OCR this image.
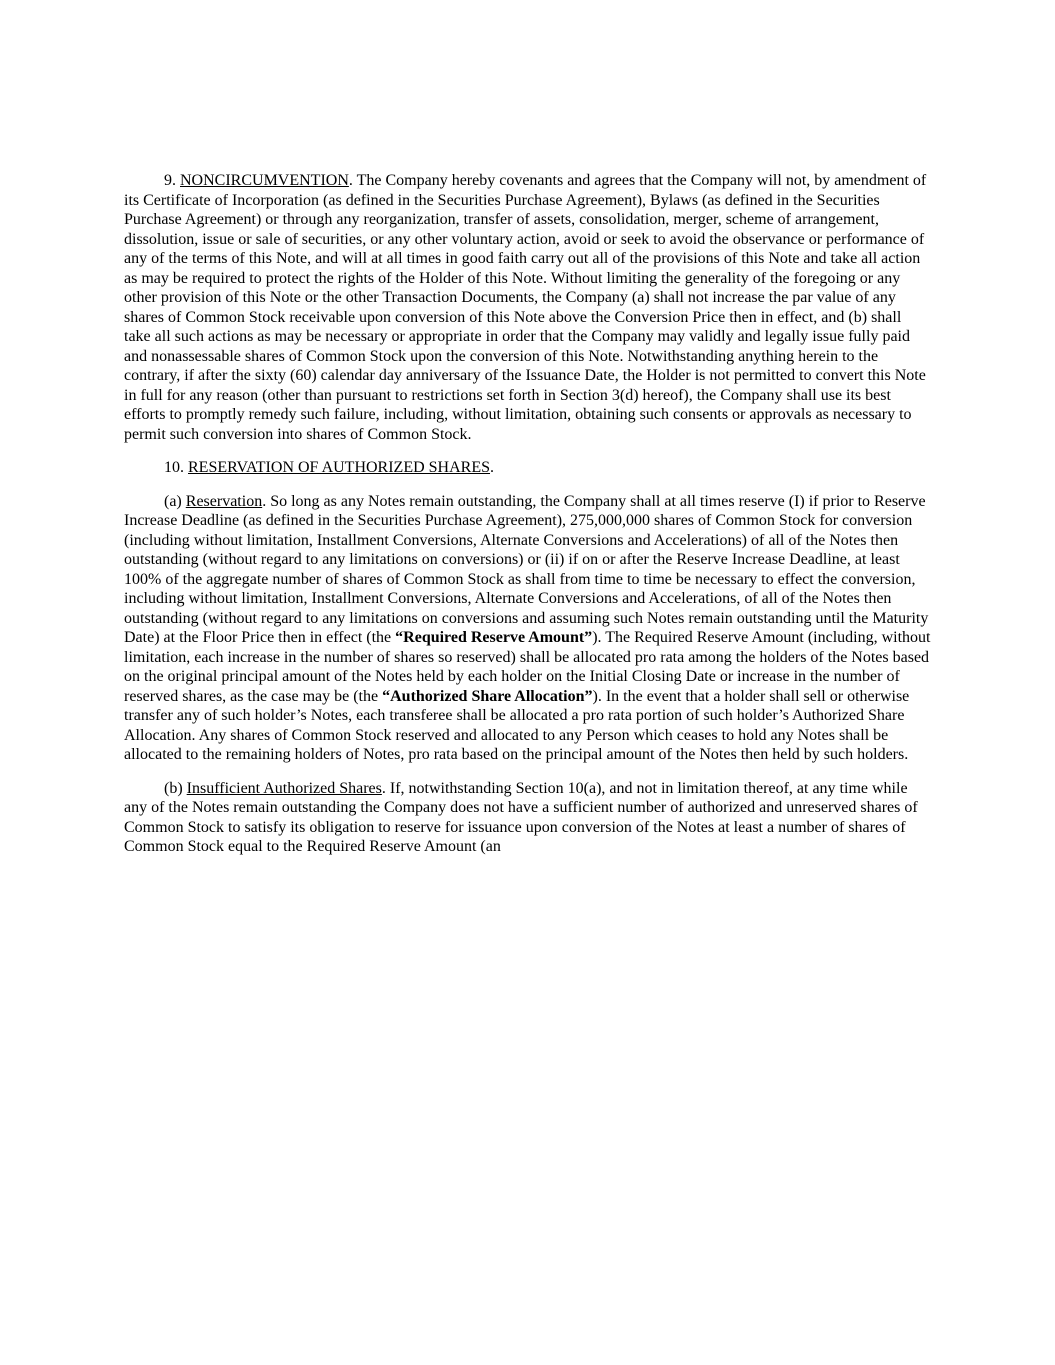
9. NONCIRCUMVENTION. The Company hereby covenants and agrees that the Company will not, by amendment of its Certificate of Incorporation (as defined in the Securities Purchase Agreement), Bylaws (as defined in the Securities Purchase Agreement) or through any reorganization, transfer of assets, consolidation, merger, scheme of arrangement, dissolution, issue or sale of securities, or any other voluntary action, avoid or seek to avoid the observance or performance of any of the terms of this Note, and will at all times in good faith carry out all of the provisions of this Note and take all action as may be required to protect the rights of the Holder of this Note. Without limiting the generality of the foregoing or any other provision of this Note or the other Transaction Documents, the Company (a) shall not increase the par value of any shares of Common Stock receivable upon conversion of this Note above the Conversion Price then in effect, and (b) shall take all such actions as may be necessary or appropriate in order that the Company may validly and legally issue fully paid and nonassessable shares of Common Stock upon the conversion of this Note. Notwithstanding anything herein to the contrary, if after the sixty (60) calendar day anniversary of the Issuance Date, the Holder is not permitted to convert this Note in full for any reason (other than pursuant to restrictions set forth in Section 3(d) hereof), the Company shall use its best efforts to promptly remedy such failure, including, without limitation, obtaining such consents or approvals as necessary to permit such conversion into shares of Common Stock.

10. RESERVATION OF AUTHORIZED SHARES.

(a) Reservation. So long as any Notes remain outstanding, the Company shall at all times reserve (I) if prior to Reserve Increase Deadline (as defined in the Securities Purchase Agreement), 275,000,000 shares of Common Stock for conversion (including without limitation, Installment Conversions, Alternate Conversions and Accelerations) of all of the Notes then outstanding (without regard to any limitations on conversions) or (ii) if on or after the Reserve Increase Deadline, at least 100% of the aggregate number of shares of Common Stock as shall from time to time be necessary to effect the conversion, including without limitation, Installment Conversions, Alternate Conversions and Accelerations, of all of the Notes then outstanding (without regard to any limitations on conversions and assuming such Notes remain outstanding until the Maturity Date) at the Floor Price then in effect (the “Required Reserve Amount”). The Required Reserve Amount (including, without limitation, each increase in the number of shares so reserved) shall be allocated pro rata among the holders of the Notes based on the original principal amount of the Notes held by each holder on the Initial Closing Date or increase in the number of reserved shares, as the case may be (the “Authorized Share Allocation”). In the event that a holder shall sell or otherwise transfer any of such holder’s Notes, each transferee shall be allocated a pro rata portion of such holder’s Authorized Share Allocation. Any shares of Common Stock reserved and allocated to any Person which ceases to hold any Notes shall be allocated to the remaining holders of Notes, pro rata based on the principal amount of the Notes then held by such holders.

(b) Insufficient Authorized Shares. If, notwithstanding Section 10(a), and not in limitation thereof, at any time while any of the Notes remain outstanding the Company does not have a sufficient number of authorized and unreserved shares of Common Stock to satisfy its obligation to reserve for issuance upon conversion of the Notes at least a number of shares of Common Stock equal to the Required Reserve Amount (an
